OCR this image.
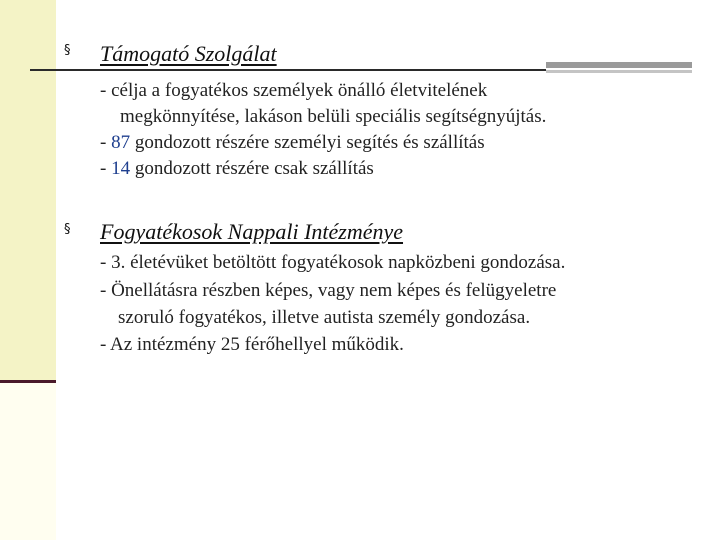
§ Támogató Szolgálat
- célja a fogyatékos személyek önálló életvitelének
megkönnyítése, lakáson belüli speciális segítségnyújtás.
- 87 gondozott részére személyi segítés és szállítás
- 14 gondozott részére csak szállítás
§ Fogyatékosok Nappali Intézménye
- 3. életévüket betöltött fogyatékosok napközbeni gondozása.
- Önellátásra részben képes, vagy nem képes és felügyeletre
szoruló fogyatékos, illetve autista személy gondozása.
- Az intézmény 25 férőhellyel működik.
